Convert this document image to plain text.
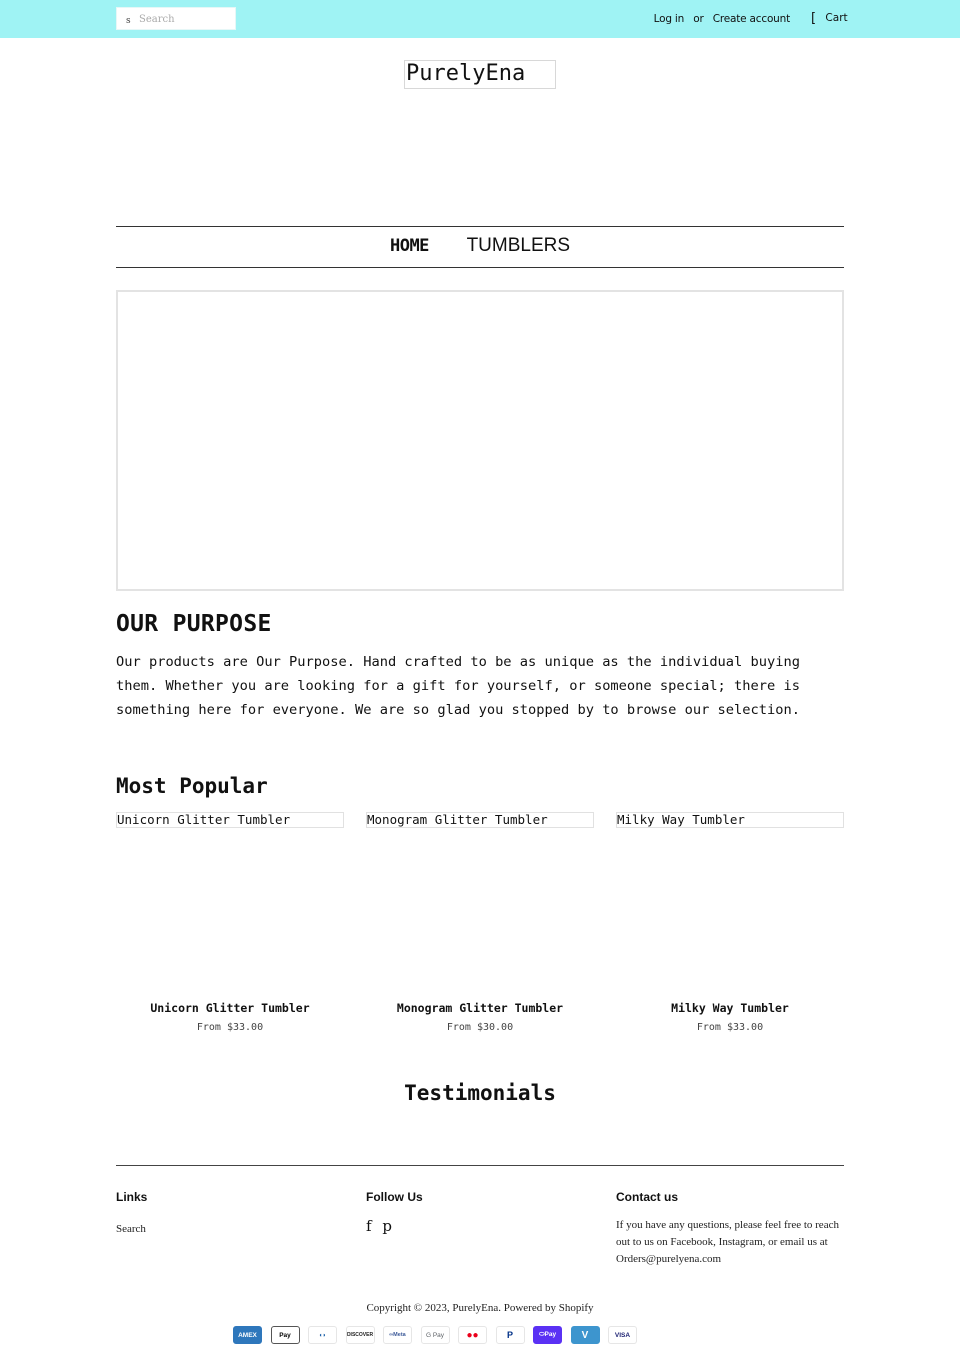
s
Search	Log in or Create account [ Cart
PurelyEna
HOME TUMBLERS
OUR PURPOSE

Our products are Our Purpose. Hand crafted to be as unique as the individual buying them. Whether you are looking for a gift for yourself, or someone special; there is something here for everyone. We are so glad you stopped by to browse our selection.

Most Popular
Unicorn Glitter Tumbler
Unicorn Glitter Tumbler
From $33.00
Monogram Glitter Tumbler
Monogram Glitter Tumbler
From $30.00
Milky Way Tumbler
Milky Way Tumbler
From $33.00
Testimonials
Links
Search
Follow Us
f p
Contact us

If you have any questions, please feel free to reach out to us on Facebook, Instagram, or email us at Orders@purelyena.com

Copyright © 2023, PurelyEna. Powered by Shopify
AMEX	Pay	◖◗	DISCOVER	∞Meta	G Pay	●●	P	⬭Pay	V	VISA
